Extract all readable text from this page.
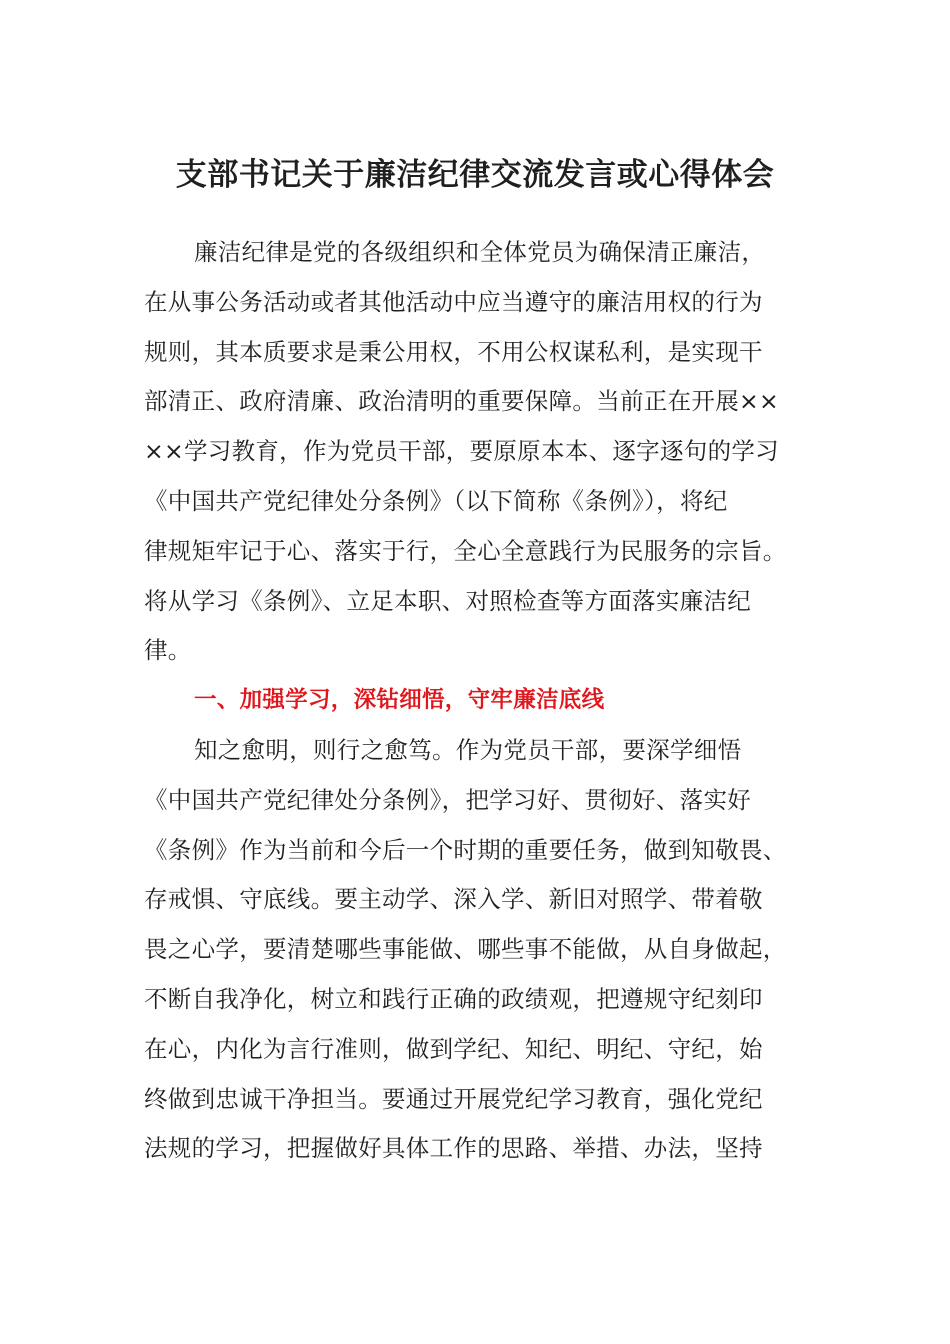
支部书记关于廉洁纪律交流发言或心得体会
廉洁纪律是党的各级组织和全体党员为确保清正廉洁，
在从事公务活动或者其他活动中应当遵守的廉洁用权的行为
规则，其本质要求是秉公用权，不用公权谋私利，是实现干
部清正、政府清廉、政治清明的重要保障。当前正在开展××
××学习教育，作为党员干部，要原原本本、逐字逐句的学习
《中国共产党纪律处分条例》（以下简称《条例》），将纪
律规矩牢记于心、落实于行，全心全意践行为民服务的宗旨。
将从学习《条例》、立足本职、对照检查等方面落实廉洁纪
律。
一、加强学习，深钻细悟，守牢廉洁底线
知之愈明，则行之愈笃。作为党员干部，要深学细悟
《中国共产党纪律处分条例》，把学习好、贯彻好、落实好
《条例》作为当前和今后一个时期的重要任务，做到知敬畏、
存戒惧、守底线。要主动学、深入学、新旧对照学、带着敬
畏之心学，要清楚哪些事能做、哪些事不能做，从自身做起，
不断自我净化，树立和践行正确的政绩观，把遵规守纪刻印
在心，内化为言行准则，做到学纪、知纪、明纪、守纪，始
终做到忠诚干净担当。要通过开展党纪学习教育，强化党纪
法规的学习，把握做好具体工作的思路、举措、办法，坚持
